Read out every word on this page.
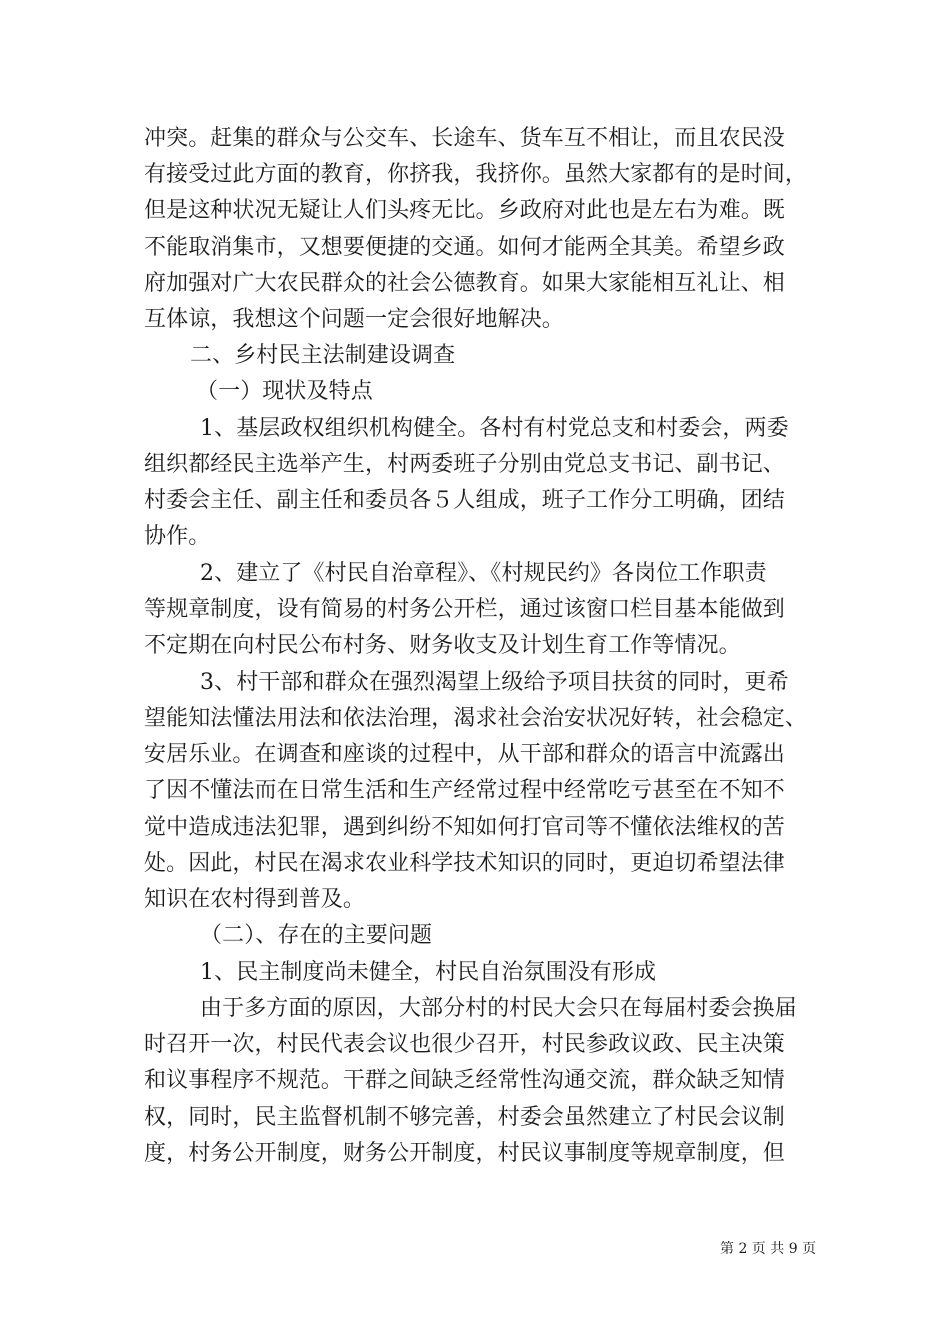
冲突。赶集的群众与公交车、长途车、货车互不相让，而且农民没
有接受过此方面的教育，你挤我，我挤你。虽然大家都有的是时间，
但是这种状况无疑让人们头疼无比。乡政府对此也是左右为难。既
不能取消集市，又想要便捷的交通。如何才能两全其美。希望乡政
府加强对广大农民群众的社会公德教育。如果大家能相互礼让、相
互体谅，我想这个问题一定会很好地解决。
二、乡村民主法制建设调查
（一）现状及特点
1、基层政权组织机构健全。各村有村党总支和村委会，两委
组织都经民主选举产生，村两委班子分别由党总支书记、副书记、
村委会主任、副主任和委员各５人组成，班子工作分工明确，团结
协作。
2、建立了《村民自治章程》、《村规民约》各岗位工作职责
等规章制度，设有简易的村务公开栏，通过该窗口栏目基本能做到
不定期在向村民公布村务、财务收支及计划生育工作等情况。
3、村干部和群众在强烈渴望上级给予项目扶贫的同时，更希
望能知法懂法用法和依法治理，渴求社会治安状况好转，社会稳定、
安居乐业。在调查和座谈的过程中，从干部和群众的语言中流露出
了因不懂法而在日常生活和生产经常过程中经常吃亏甚至在不知不
觉中造成违法犯罪，遇到纠纷不知如何打官司等不懂依法维权的苦
处。因此，村民在渴求农业科学技术知识的同时，更迫切希望法律
知识在农村得到普及。
（二）、存在的主要问题
1、民主制度尚未健全，村民自治氛围没有形成
由于多方面的原因，大部分村的村民大会只在每届村委会换届
时召开一次，村民代表会议也很少召开，村民参政议政、民主决策
和议事程序不规范。干群之间缺乏经常性沟通交流，群众缺乏知情
权，同时，民主监督机制不够完善，村委会虽然建立了村民会议制
度，村务公开制度，财务公开制度，村民议事制度等规章制度，但
第 2 页 共 9 页
